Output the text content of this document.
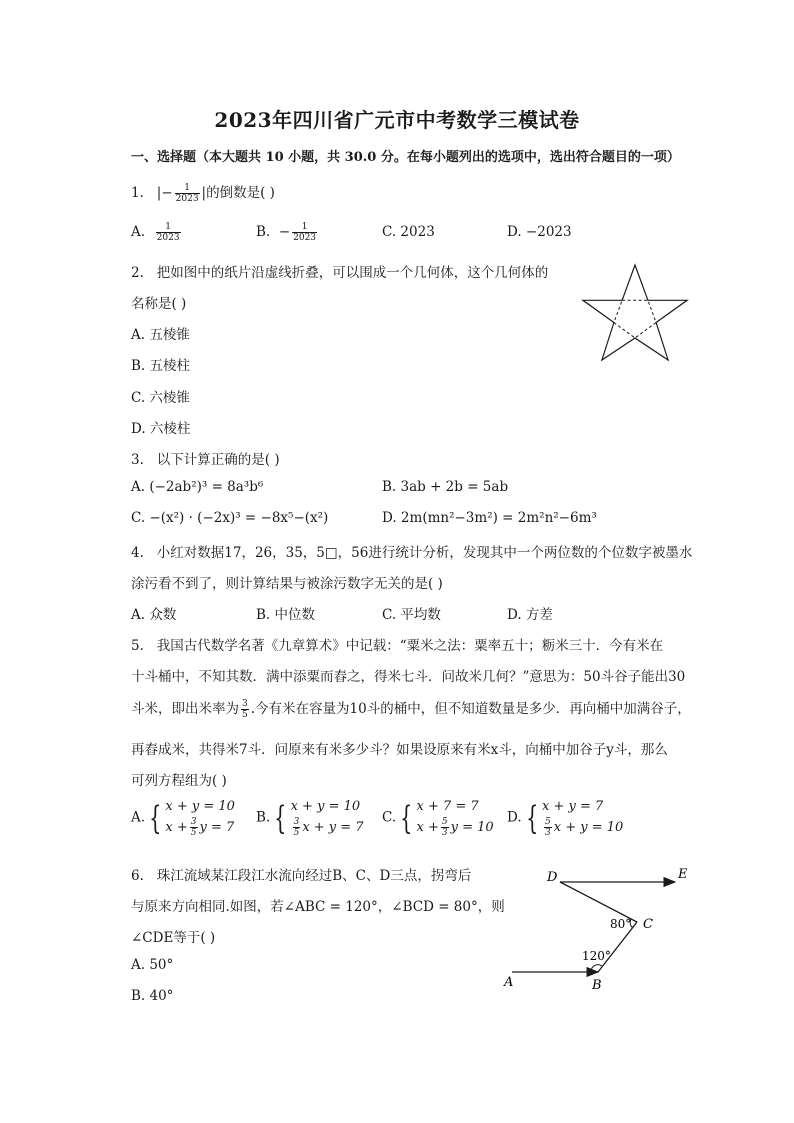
2023年四川省广元市中考数学三模试卷
一、选择题（本大题共 10 小题，共 30.0 分。在每小题列出的选项中，选出符合题目的一项）
1. |− $\frac{1}{2023}$ |的倒数是( )
A. $\frac{1}{2023}$	B. − $\frac{1}{2023}$	C. 2023	D. −2023
2. 把如图中的纸片沿虚线折叠，可以围成一个几何体，这个几何体的
名称是( )
A. 五棱锥
B. 五棱柱
C. 六棱锥
D. 六棱柱
3. 以下计算正确的是( )
A. (−2ab²)³ = 8a³b⁶	B. 3ab + 2b = 5ab
C. −(x²) · (−2x)³ = −8x⁵−(x²)	D. 2m(mn²−3m²) = 2m²n²−6m³
4. 小红对数据17，26，35，5□，56进行统计分析，发现其中一个两位数的个位数字被墨水
涂污看不到了，则计算结果与被涂污数字无关的是( )
A. 众数	B. 中位数	C. 平均数	D. 方差
5. 我国古代数学名著《九章算术》中记载：“粟米之法：粟率五十；粝米三十．今有米在
十斗桶中，不知其数．满中添粟而舂之，得米七斗．问故米几何？”意思为：50斗谷子能出30
斗米，即出米率为 $\frac{3}{5}$ .今有米在容量为10斗的桶中，但不知道数量是多少．再向桶中加满谷子，
再舂成米，共得米7斗．问原来有米多少斗？如果设原来有米x斗，向桶中加谷子y斗，那么
可列方程组为( )
A. { x + y = 10
$x + \frac{3}{5}$ y = 7
B. { x + y = 10
$\frac{3}{5}$ x + y = 7
C. { x + 7 = 7
$x + \frac{5}{3}$ y = 10
D. { x + y = 7
$\frac{5}{3}$ x + y = 10
6. 珠江流域某江段江水流向经过B、C、D三点，拐弯后
与原来方向相同.如图，若∠ABC = 120°，∠BCD = 80°，则
∠CDE等于( )
A. 50°
B. 40°
D	E
C
A	B
80°
120°
